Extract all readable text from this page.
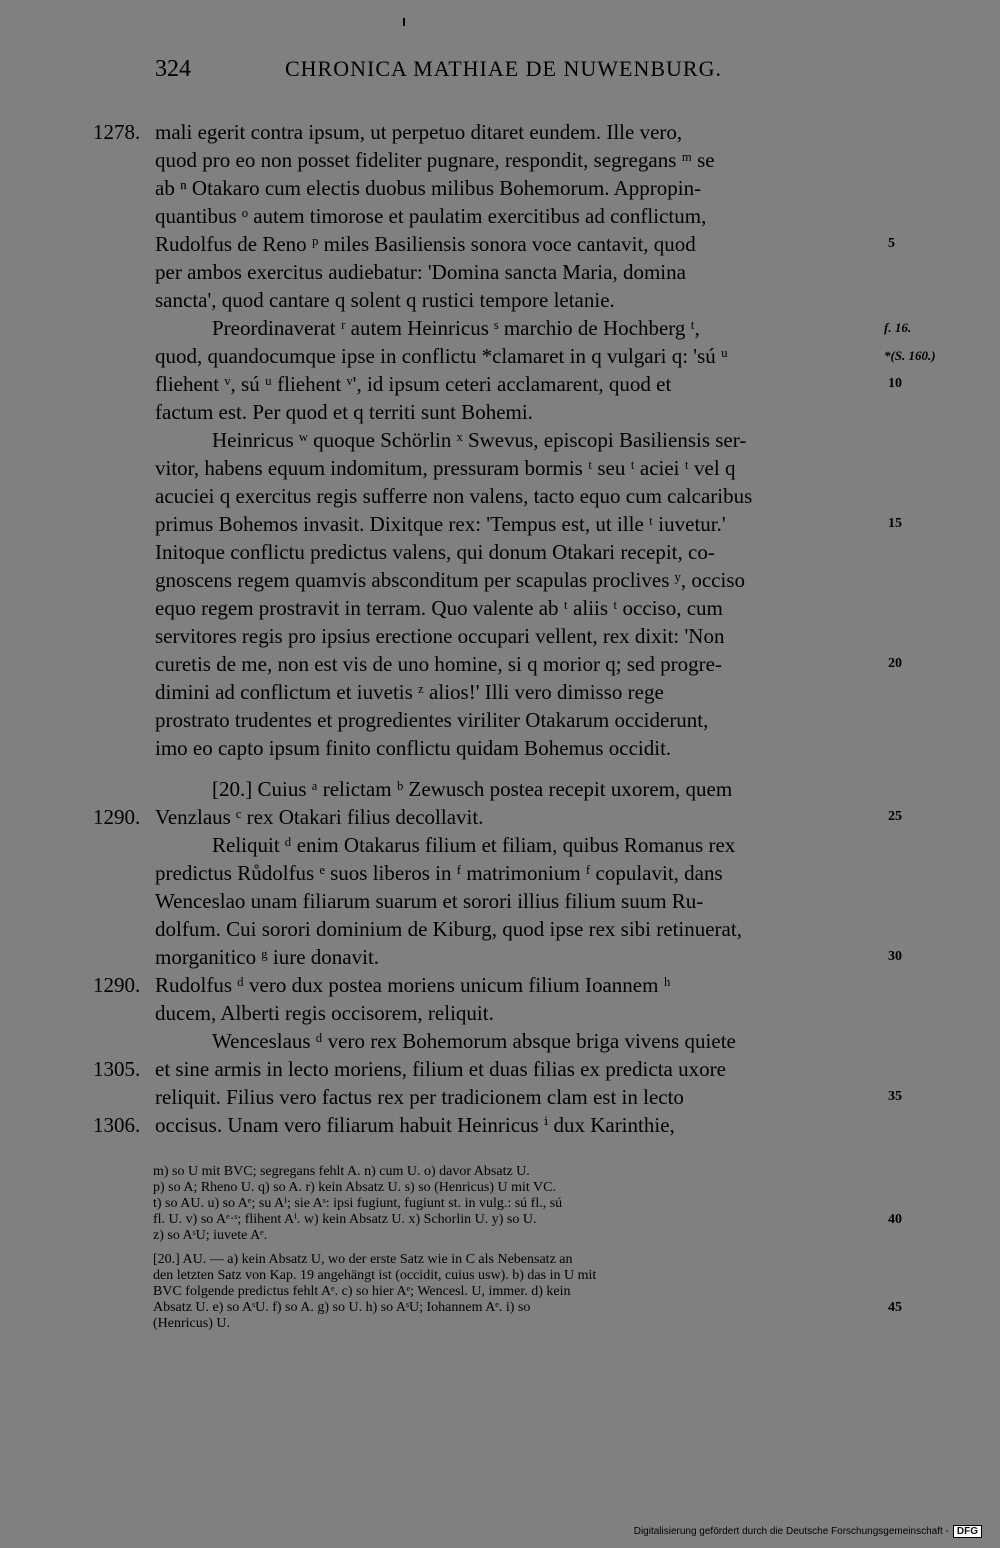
324	CHRONICA MATHIAE DE NUWENBURG.
mali egerit contra ipsum, ut perpetuo ditaret eundem. Ille vero,
1278.
quod pro eo non posset fideliter pugnare, respondit, segregans ᵐ se
ab ⁿ Otakaro cum electis duobus milibus Bohemorum. Appropin-
quantibus ᵒ autem timorose et paulatim exercitibus ad conflictum,
Rudolfus de Reno ᵖ miles Basiliensis sonora voce cantavit, quod	5
per ambos exercitus audiebatur: 'Domina sancta Maria, domina
sancta', quod cantare q solent q rustici tempore letanie.
Preordinaverat ʳ autem Heinricus ˢ marchio de Hochberg ᵗ,	f. 16.
quod, quandocumque ipse in conflictu *clamaret in q vulgari q: 'sú ᵘ	*(S. 160.)
fliehent ᵛ, sú ᵘ fliehent ᵛ', id ipsum ceteri acclamarent, quod et	10
factum est. Per quod et q territi sunt Bohemi.
Heinricus ʷ quoque Schörlin ˣ Swevus, episcopi Basiliensis ser-
vitor, habens equum indomitum, pressuram bormis ᵗ seu ᵗ aciei ᵗ vel q
acuciei q exercitus regis sufferre non valens, tacto equo cum calcaribus
primus Bohemos invasit. Dixitque rex: 'Tempus est, ut ille ᵗ iuvetur.'	15
Initoque conflictu predictus valens, qui donum Otakari recepit, co-
gnoscens regem quamvis absconditum per scapulas proclives ʸ, occiso
equo regem prostravit in terram. Quo valente ab ᵗ aliis ᵗ occiso, cum
servitores regis pro ipsius erectione occupari vellent, rex dixit: 'Non
curetis de me, non est vis de uno homine, si q morior q; sed progre-	20
dimini ad conflictum et iuvetis ᶻ alios!' Illi vero dimisso rege
prostrato trudentes et progredientes viriliter Otakarum occiderunt,
imo eo capto ipsum finito conflictu quidam Bohemus occidit.
[20.] Cuius ᵃ relictam ᵇ Zewusch postea recepit uxorem, quem
Venzlaus ᶜ rex Otakari filius decollavit.
1290.	25
Reliquit ᵈ enim Otakarus filium et filiam, quibus Romanus rex
predictus Růdolfus ᵉ suos liberos in ᶠ matrimonium ᶠ copulavit, dans
Wenceslao unam filiarum suarum et sorori illius filium suum Ru-
dolfum. Cui sorori dominium de Kiburg, quod ipse rex sibi retinuerat,
morganitico ᵍ iure donavit.	30
Rudolfus ᵈ vero dux postea moriens unicum filium Ioannem ʰ
1290.
ducem, Alberti regis occisorem, reliquit.
Wenceslaus ᵈ vero rex Bohemorum absque briga vivens quiete
et sine armis in lecto moriens, filium et duas filias ex predicta uxore
1305.
reliquit. Filius vero factus rex per tradicionem clam est in lecto	35
occisus. Unam vero filiarum habuit Heinricus ⁱ dux Karinthie,
1306.
m) so U mit BVC; segregans fehlt A. n) cum U. o) davor Absatz U.
p) so A; Rheno U. q) so A. r) kein Absatz U. s) so (Henricus) U mit VC.
t) so AU. u) so Aᵉ; su Aⁱ; sie Aˢ: ipsi fugiunt, fugiunt st. in vulg.: sú fl., sú
fl. U. v) so Aᵉ·ˢ; flihent Aⁱ. w) kein Absatz U. x) Schorlin U. y) so U.	40
z) so AˢU; iuvete Aᵉ.
[20.] AU. — a) kein Absatz U, wo der erste Satz wie in C als Nebensatz an
den letzten Satz von Kap. 19 angehängt ist (occidit, cuius usw). b) das in U mit
BVC folgende predictus fehlt Aᵉ. c) so hier Aᵉ; Wencesl. U, immer. d) kein
Absatz U. e) so AˢU. f) so A. g) so U. h) so AˢU; Iohannem Aᵉ. i) so	45
(Henricus) U.
Digitalisierung gefördert durch die Deutsche Forschungsgemeinschaft - DFG
